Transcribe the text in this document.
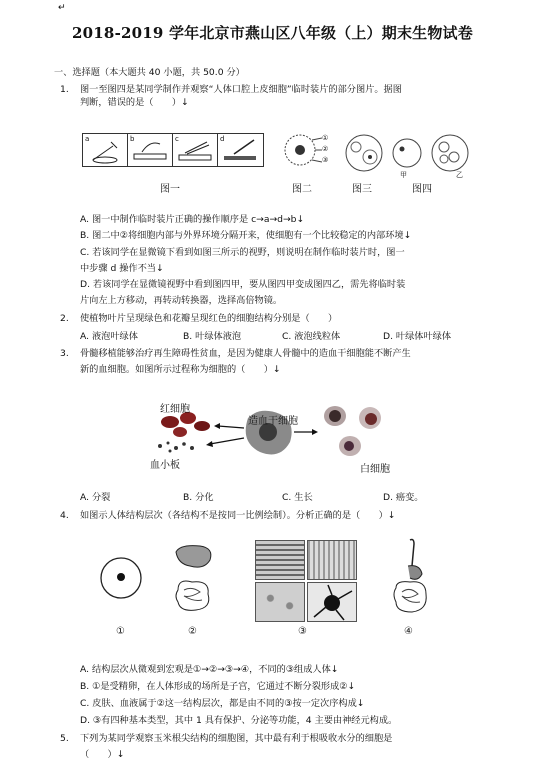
↵
2018-2019 学年北京市燕山区八年级（上）期末生物试卷
一、选择题（本大题共 40 小题，共 50.0 分）
1. 图一至图四是某同学制作并观察“人体口腔上皮细胞”临时装片的部分图片。据图
判断，错误的是（　　）↓
a	b	c	d
图一
①
②
③
图二	图三
甲	乙
图四
A. 图一中制作临时装片正确的操作顺序是 c→a→d→b↓
B. 图二中②将细胞内部与外界环境分隔开来，使细胞有一个比较稳定的内部环境↓
C. 若该同学在显微镜下看到如图三所示的视野，则说明在制作临时装片时，图一
中步骤 d 操作不当↓
D. 若该同学在显微镜视野中看到图四甲，要从图四甲变成图四乙，需先将临时装
片向左上方移动，再转动转换器，选择高倍物镜。
2. 使植物叶片呈现绿色和花瓣呈现红色的细胞结构分别是（　　）
A. 液泡叶绿体	B. 叶绿体液泡	C. 液泡线粒体	D. 叶绿体叶绿体
3. 骨髓移植能够治疗再生障碍性贫血，是因为健康人骨髓中的造血干细胞能不断产生
新的血细胞。如图所示过程称为细胞的（　　）↓
红细胞
造血干细胞
血小板	白细胞
A. 分裂	B. 分化	C. 生长	D. 癌变。
4. 如图示人体结构层次（各结构不是按同一比例绘制）。分析正确的是（　　）↓
①	②	③	④
A. 结构层次从微观到宏观是①→②→③→④，不同的③组成人体↓
B. ①是受精卵，在人体形成的场所是子宫，它通过不断分裂形成②↓
C. 皮肤、血液属于②这一结构层次，都是由不同的③按一定次序构成↓
D. ③有四种基本类型，其中 1 具有保护、分泌等功能，4 主要由神经元构成。
5. 下列为某同学观察玉米根尖结构的细胞图，其中最有利于根吸收水分的细胞是
（　　）↓
